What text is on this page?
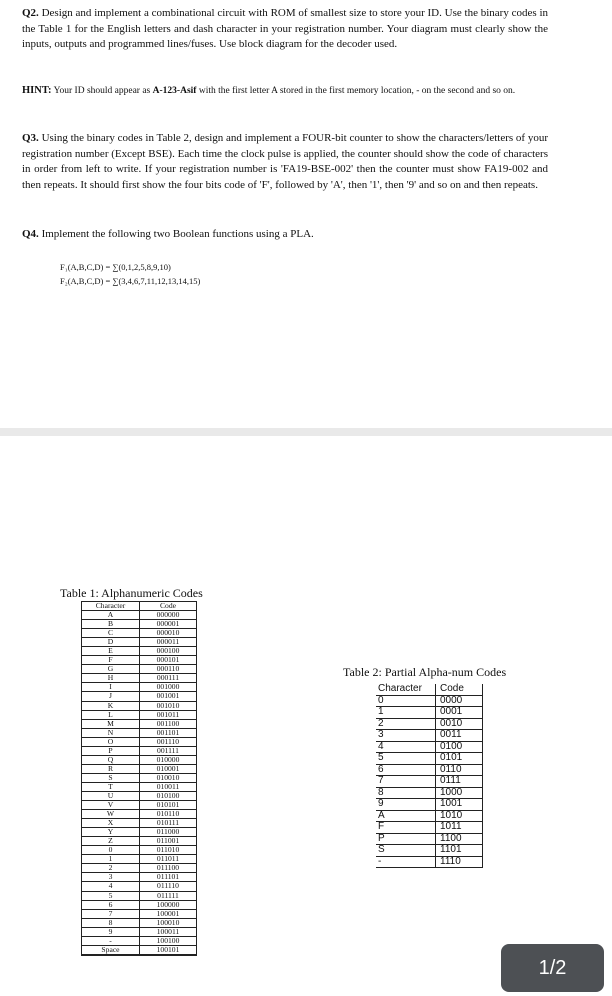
Q2. Design and implement a combinational circuit with ROM of smallest size to store your ID. Use the binary codes in the Table 1 for the English letters and dash character in your registration number. Your diagram must clearly show the inputs, outputs and programmed lines/fuses. Use block diagram for the decoder used.
HINT: Your ID should appear as A-123-Asif with the first letter A stored in the first memory location, - on the second and so on.
Q3. Using the binary codes in Table 2, design and implement a FOUR-bit counter to show the characters/letters of your registration number (Except BSE). Each time the clock pulse is applied, the counter should show the code of characters in order from left to write. If your registration number is 'FA19-BSE-002' then the counter must show FA19-002 and then repeats. It should first show the four bits code of 'F', followed by 'A', then '1', then '9' and so on and then repeats.
Q4. Implement the following two Boolean functions using a PLA.
F₁(A,B,C,D) = ∑(0,1,2,5,8,9,10)
F₂(A,B,C,D) = ∑(3,4,6,7,11,12,13,14,15)
Table 1: Alphanumeric Codes
Character	Code
A	000000
B	000001
C	000010
D	000011
E	000100
F	000101
G	000110
H	000111
I	001000
J	001001
K	001010
L	001011
M	001100
N	001101
O	001110
P	001111
Q	010000
R	010001
S	010010
T	010011
U	010100
V	010101
W	010110
X	010111
Y	011000
Z	011001
0	011010
1	011011
2	011100
3	011101
4	011110
5	011111
6	100000
7	100001
8	100010
9	100011
-	100100
Space	100101
Table 2: Partial Alpha-num Codes
Character	Code
0	0000
1	0001
2	0010
3	0011
4	0100
5	0101
6	0110
7	0111
8	1000
9	1001
A	1010
F	1011
P	1100
S	1101
-	1110
1/2
